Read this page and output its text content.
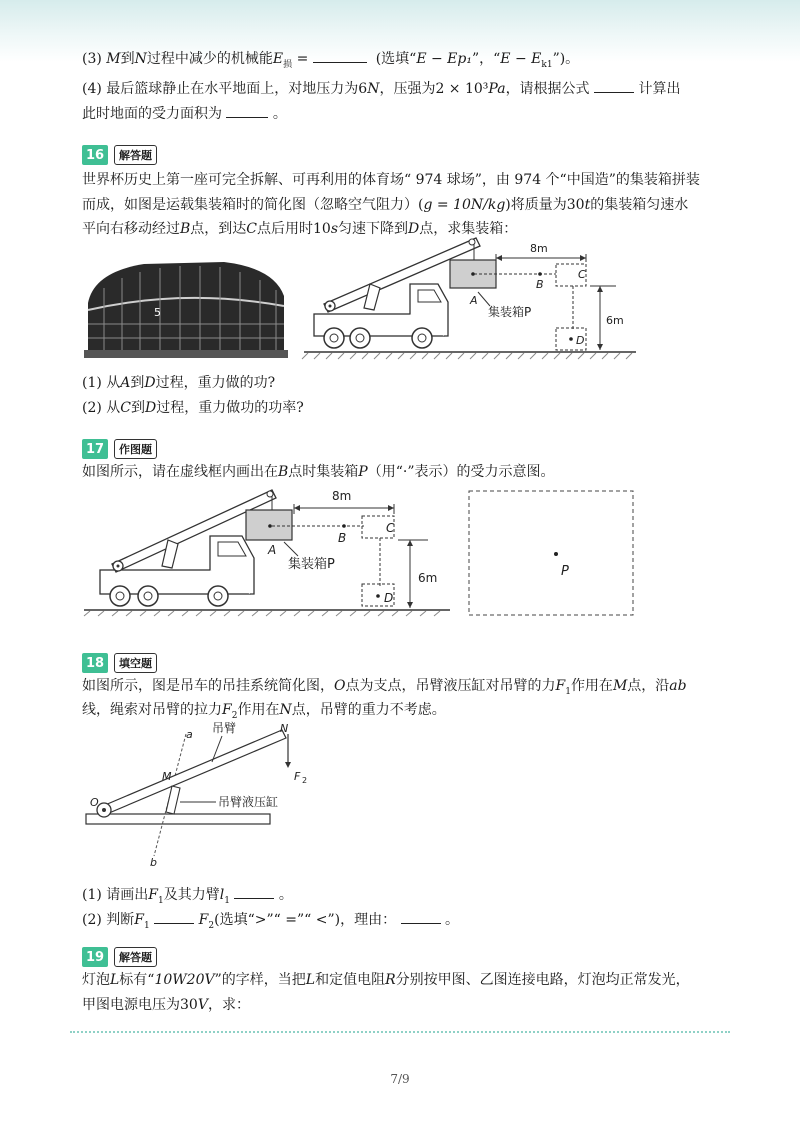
(3) M到N过程中减少的机械能$E_损$ =	(选填“E − Ep₁”，“$E - E_{k1}$”)。
(4) 最后篮球静止在水平地面上，对地压力为6N，压强为2 × 10³Pa，请根据公式	计算出
此时地面的受力面积为	。
16	解答题
世界杯历史上第一座可完全拆解、可再利用的体育场“ 974 球场”，由 974 个“中国造”的集装箱拼装
而成，如图是运载集装箱时的简化图（忽略空气阻力）(g = 10N/kg)将质量为30t的集装箱匀速水
平向右移动经过B点，到达C点后用时10s匀速下降到D点，求集装箱：
5
8m
6m
A
B
C
D
集装箱P
(1) 从A到D过程，重力做的功?
(2) 从C到D过程，重力做功的功率?
17	作图题
如图所示，请在虚线框内画出在B点时集装箱P（用“·”表示）的受力示意图。
8m
6m
A
B
C
D
集装箱P	P
18	填空题
如图所示，图是吊车的吊挂系统简化图，O点为支点，吊臂液压缸对吊臂的力$F_1$作用在M点，沿ab
线，绳索对吊臂的拉力$F_2$作用在N点，吊臂的重力不考虑。
a
b
M
N
O
F 2
吊臂
吊臂液压缸
(1) 请画出$F_1$及其力臂$l_1$	。
(2) 判断$F_1$	$F_2$(选填“>”“ =”“ <”)，理由：	。
19	解答题
灯泡L标有“10W20V”的字样，当把L和定值电阻R分别按甲图、乙图连接电路，灯泡均正常发光，
甲图电源电压为30V，求：
7/9
